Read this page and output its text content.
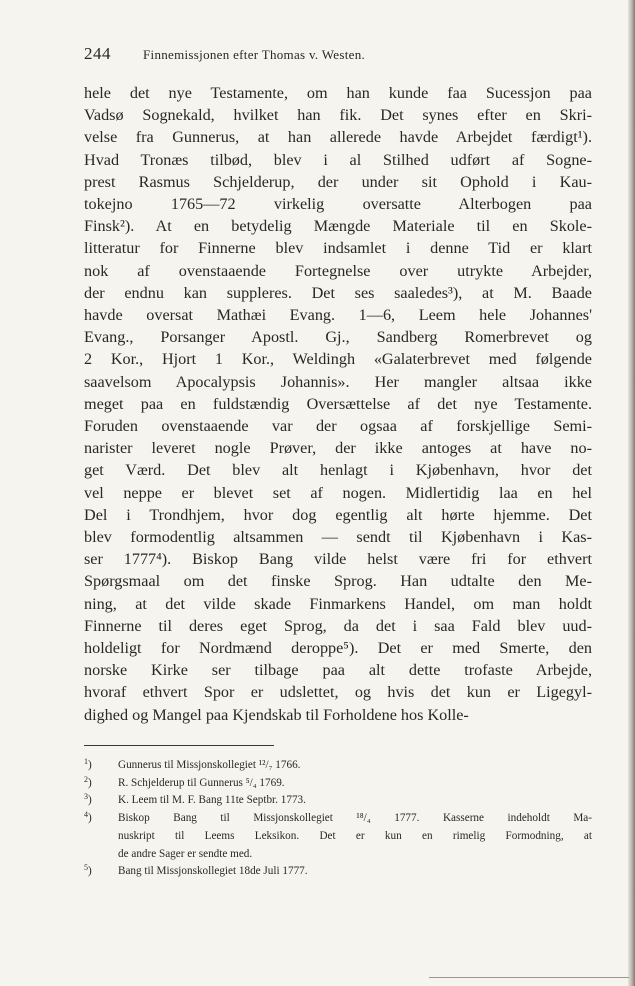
244 Finnemissjonen efter Thomas v. Westen.
hele det nye Testamente, om han kunde faa Sucessjon paa
Vadsø Sognekald, hvilket han fik. Det synes efter en Skri-
velse fra Gunnerus, at han allerede havde Arbejdet færdigt¹).
Hvad Tronæs tilbød, blev i al Stilhed udført af Sogne-
prest Rasmus Schjelderup, der under sit Ophold i Kau-
tokejno 1765—72 virkelig oversatte Alterbogen paa
Finsk²). At en betydelig Mængde Materiale til en Skole-
litteratur for Finnerne blev indsamlet i denne Tid er klart
nok af ovenstaaende Fortegnelse over utrykte Arbejder,
der endnu kan suppleres. Det ses saaledes³), at M. Baade
havde oversat Mathæi Evang. 1—6, Leem hele Johannes'
Evang., Porsanger Apostl. Gj., Sandberg Romerbrevet og
2 Kor., Hjort 1 Kor., Weldingh «Galaterbrevet med følgende
saavelsom Apocalypsis Johannis». Her mangler altsaa ikke
meget paa en fuldstændig Oversættelse af det nye Testamente.
Foruden ovenstaaende var der ogsaa af forskjellige Semi-
narister leveret nogle Prøver, der ikke antoges at have no-
get Værd. Det blev alt henlagt i Kjøbenhavn, hvor det
vel neppe er blevet set af nogen. Midlertidig laa en hel
Del i Trondhjem, hvor dog egentlig alt hørte hjemme. Det
blev formodentlig altsammen — sendt til Kjøbenhavn i Kas-
ser 1777⁴). Biskop Bang vilde helst være fri for ethvert
Spørgsmaal om det finske Sprog. Han udtalte den Me-
ning, at det vilde skade Finmarkens Handel, om man holdt
Finnerne til deres eget Sprog, da det i saa Fald blev uud-
holdeligt for Nordmænd deroppe⁵). Det er med Smerte, den
norske Kirke ser tilbage paa alt dette trofaste Arbejde,
hvoraf ethvert Spor er udslettet, og hvis det kun er Ligegyl-
dighed og Mangel paa Kjendskab til Forholdene hos Kolle-
$^1$)	Gunnerus til Missjonskollegiet ¹²/₇ 1766.
$^2$)	R. Schjelderup til Gunnerus ⁵/₄ 1769.
$^3$)	K. Leem til M. F. Bang 11te Septbr. 1773.
$^4$)	Biskop Bang til Missjonskollegiet ¹⁸/₄ 1777. Kasserne indeholdt Ma-
nuskript til Leems Leksikon. Det er kun en rimelig Formodning, at
de andre Sager er sendte med.
$^5$)	Bang til Missjonskollegiet 18de Juli 1777.
